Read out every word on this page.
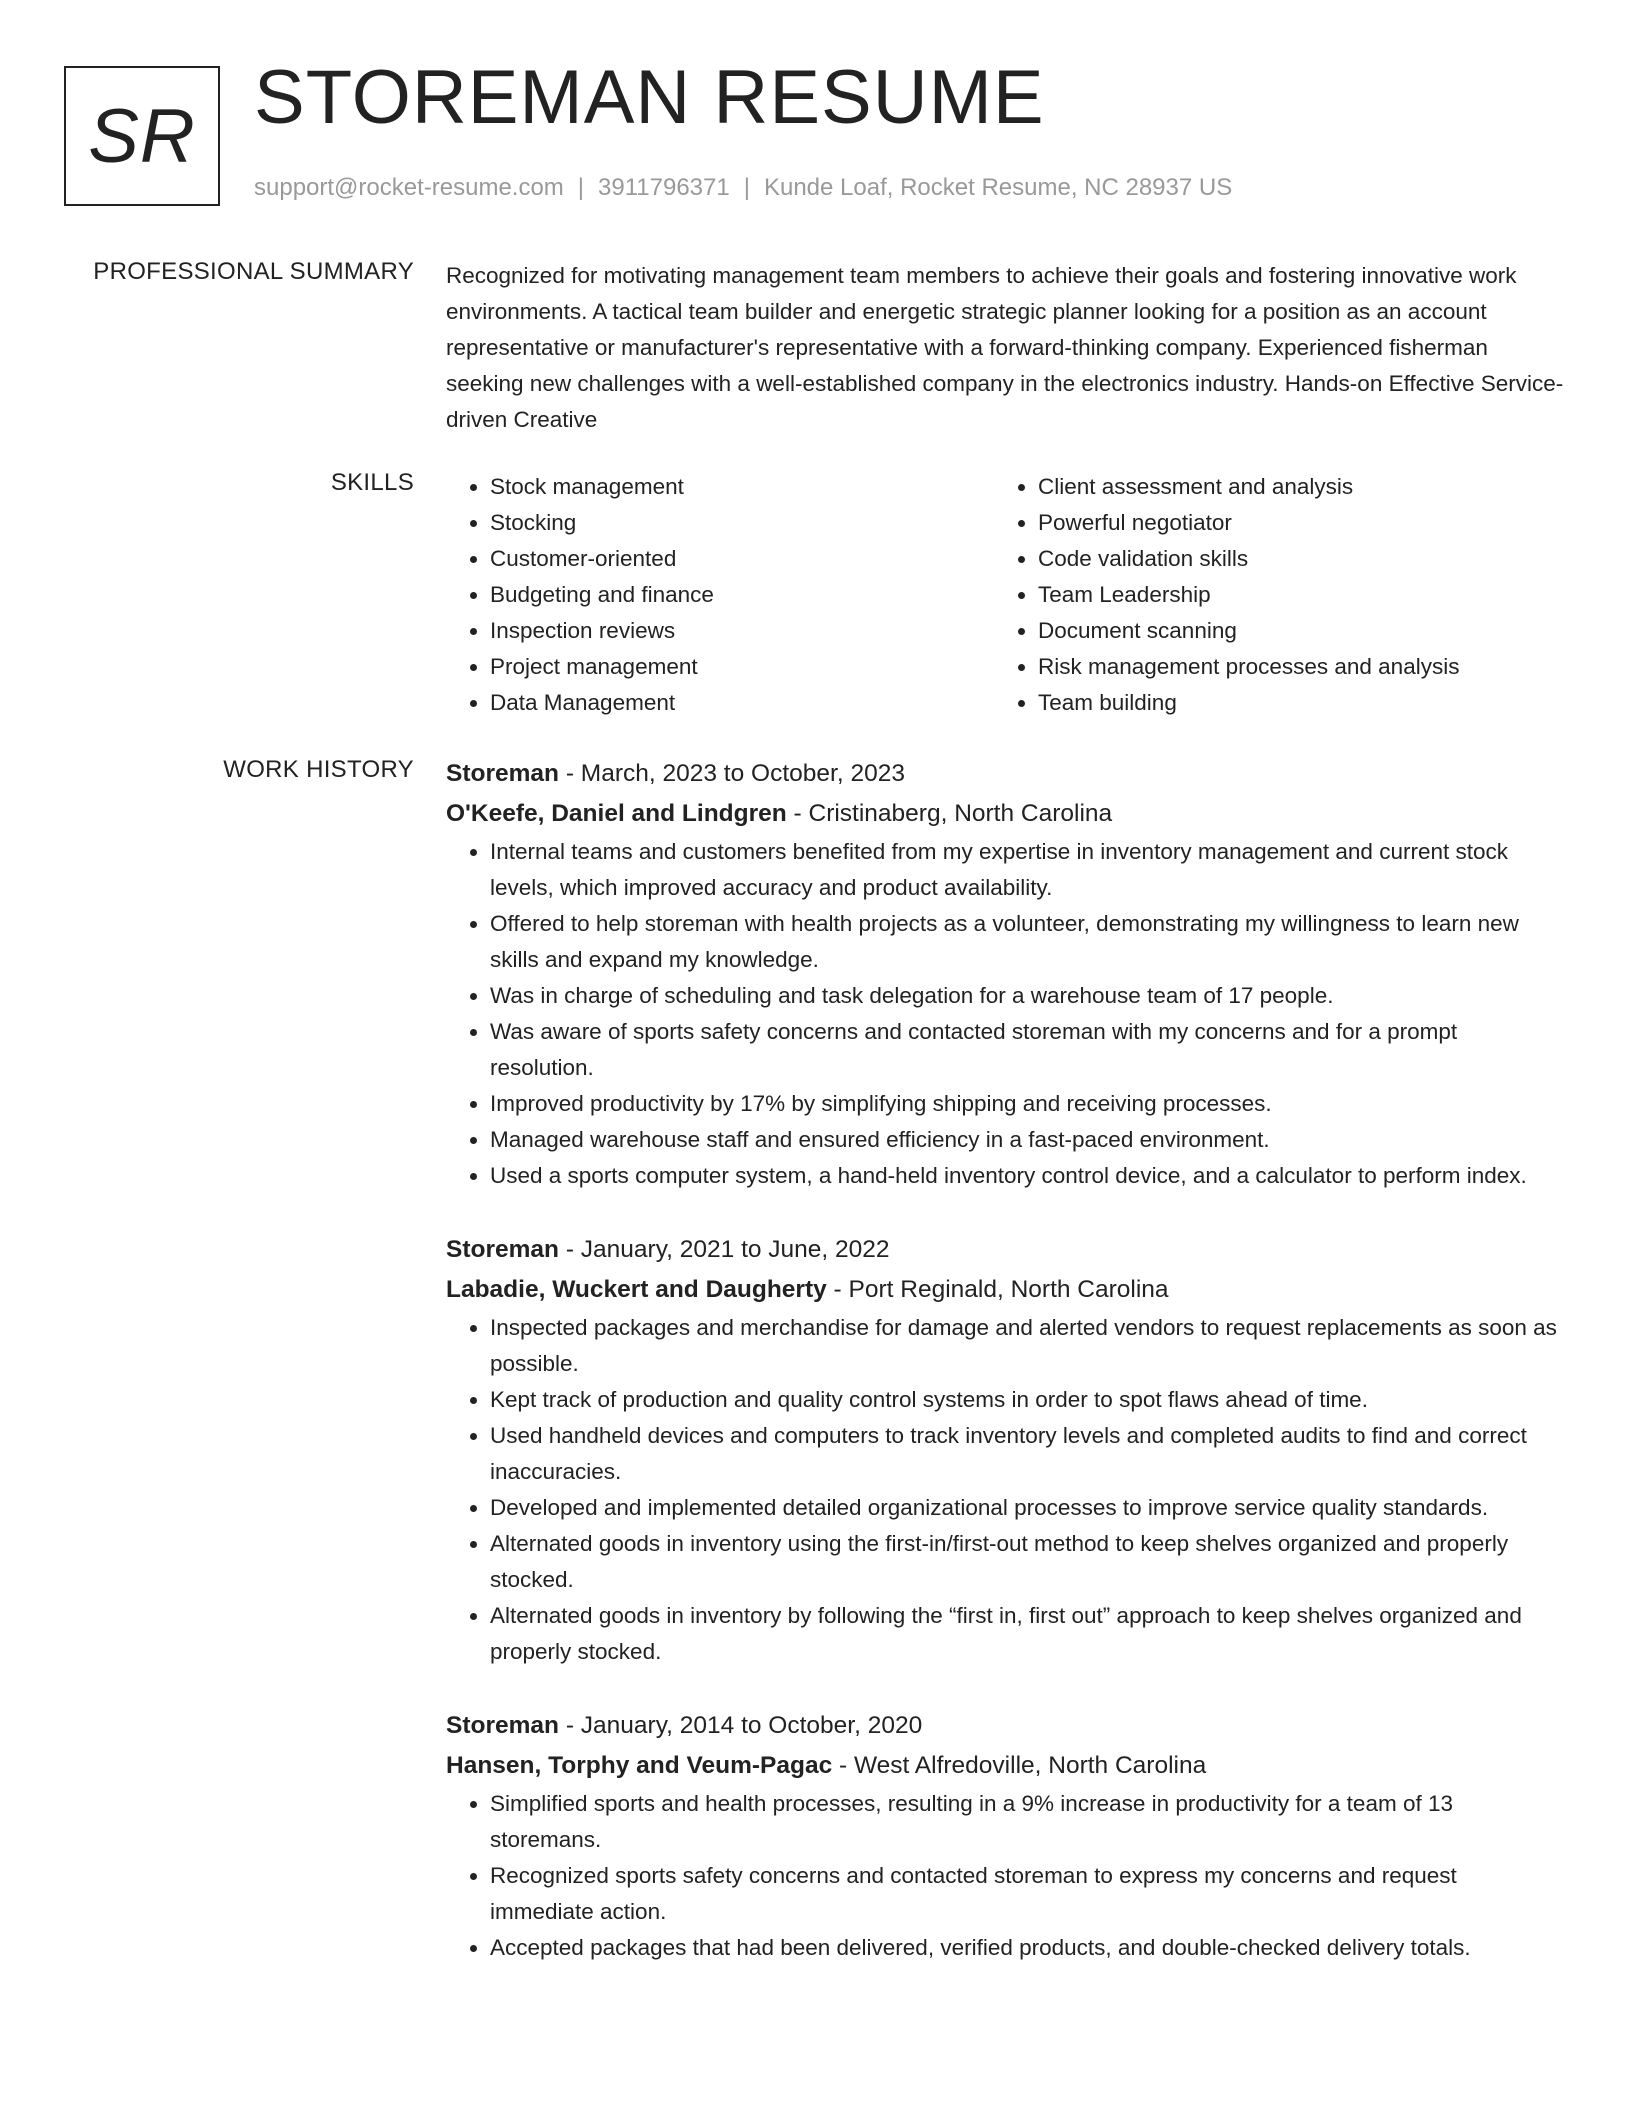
SR STOREMAN RESUME
support@rocket-resume.com | 3911796371 | Kunde Loaf, Rocket Resume, NC 28937 US
PROFESSIONAL SUMMARY Recognized for motivating management team members to achieve their goals and fostering innovative work environments. A tactical team builder and energetic strategic planner looking for a position as an account representative or manufacturer's representative with a forward-thinking company. Experienced fisherman seeking new challenges with a well-established company in the electronics industry. Hands-on Effective Service-driven Creative
SKILLS
•	Stock management
• Stocking
• Customer-oriented
• Budgeting and finance
• Inspection reviews
• Project management
• Data Management
• Client assessment and analysis
• Powerful negotiator
• Code validation skills
• Team Leadership
• Document scanning
• Risk management processes and analysis
• Team building
WORK HISTORY Storeman - March, 2023 to October, 2023
O'Keefe, Daniel and Lindgren - Cristinaberg, North Carolina
• Internal teams and customers benefited from my expertise in inventory management and current stock levels, which improved accuracy and product availability.
• Offered to help storeman with health projects as a volunteer, demonstrating my willingness to learn new skills and expand my knowledge.
• Was in charge of scheduling and task delegation for a warehouse team of 17 people.
• Was aware of sports safety concerns and contacted storeman with my concerns and for a prompt resolution.
• Improved productivity by 17% by simplifying shipping and receiving processes.
• Managed warehouse staff and ensured efficiency in a fast-paced environment.
• Used a sports computer system, a hand-held inventory control device, and a calculator to perform index.
Storeman - January, 2021 to June, 2022
Labadie, Wuckert and Daugherty - Port Reginald, North Carolina
• Inspected packages and merchandise for damage and alerted vendors to request replacements as soon as possible.
• Kept track of production and quality control systems in order to spot flaws ahead of time.
• Used handheld devices and computers to track inventory levels and completed audits to find and correct inaccuracies.
• Developed and implemented detailed organizational processes to improve service quality standards.
• Alternated goods in inventory using the first-in/first-out method to keep shelves organized and properly stocked.
• Alternated goods in inventory by following the “first in, first out” approach to keep shelves organized and properly stocked.
Storeman - January, 2014 to October, 2020
Hansen, Torphy and Veum-Pagac - West Alfredoville, North Carolina
• Simplified sports and health processes, resulting in a 9% increase in productivity for a team of 13 storemans.
• Recognized sports safety concerns and contacted storeman to express my concerns and request immediate action.
• Accepted packages that had been delivered, verified products, and double-checked delivery totals.
